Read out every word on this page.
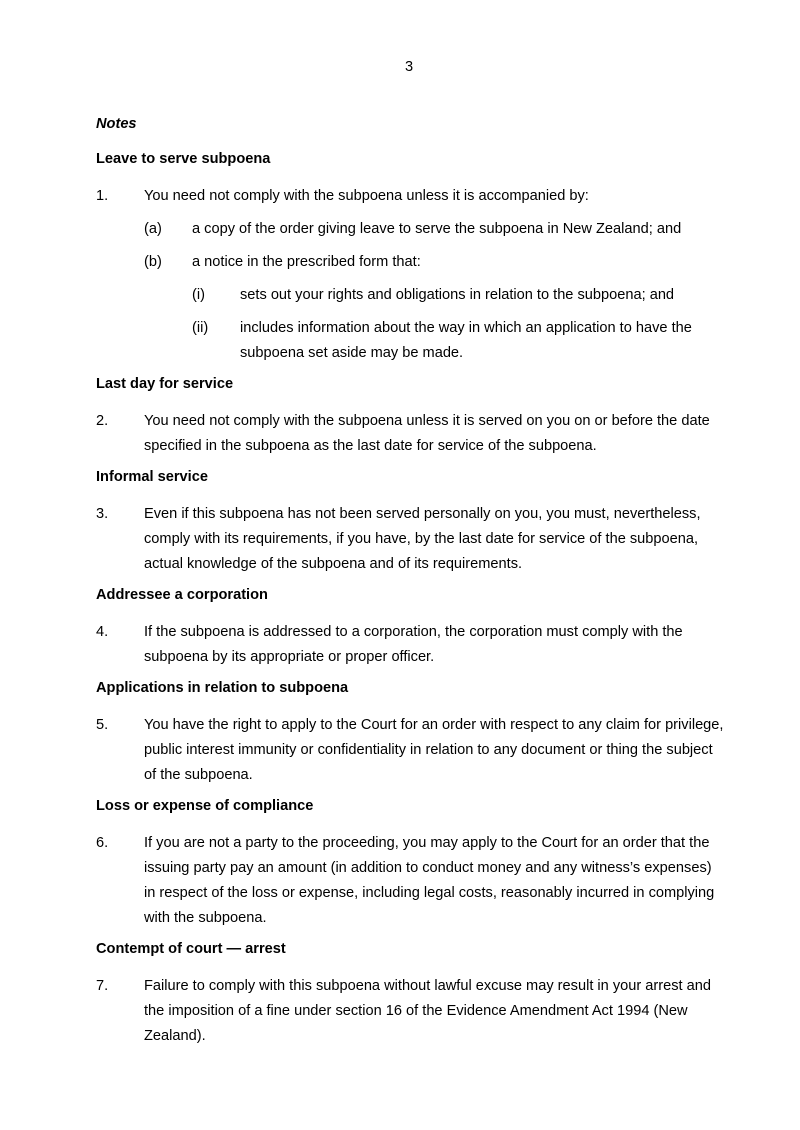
3
Notes
Leave to serve subpoena
1.	You need not comply with the subpoena unless it is accompanied by:
(a)	a copy of the order giving leave to serve the subpoena in New Zealand; and
(b)	a notice in the prescribed form that:
(i)	sets out your rights and obligations in relation to the subpoena; and
(ii)	includes information about the way in which an application to have the subpoena set aside may be made.
Last day for service
2.	You need not comply with the subpoena unless it is served on you on or before the date specified in the subpoena as the last date for service of the subpoena.
Informal service
3.	Even if this subpoena has not been served personally on you, you must, nevertheless, comply with its requirements, if you have, by the last date for service of the subpoena, actual knowledge of the subpoena and of its requirements.
Addressee a corporation
4.	If the subpoena is addressed to a corporation, the corporation must comply with the subpoena by its appropriate or proper officer.
Applications in relation to subpoena
5.	You have the right to apply to the Court for an order with respect to any claim for privilege, public interest immunity or confidentiality in relation to any document or thing the subject of the subpoena.
Loss or expense of compliance
6.	If you are not a party to the proceeding, you may apply to the Court for an order that the issuing party pay an amount (in addition to conduct money and any witness’s expenses) in respect of the loss or expense, including legal costs, reasonably incurred in complying with the subpoena.
Contempt of court — arrest
7.	Failure to comply with this subpoena without lawful excuse may result in your arrest and the imposition of a fine under section 16 of the Evidence Amendment Act 1994 (New Zealand).
